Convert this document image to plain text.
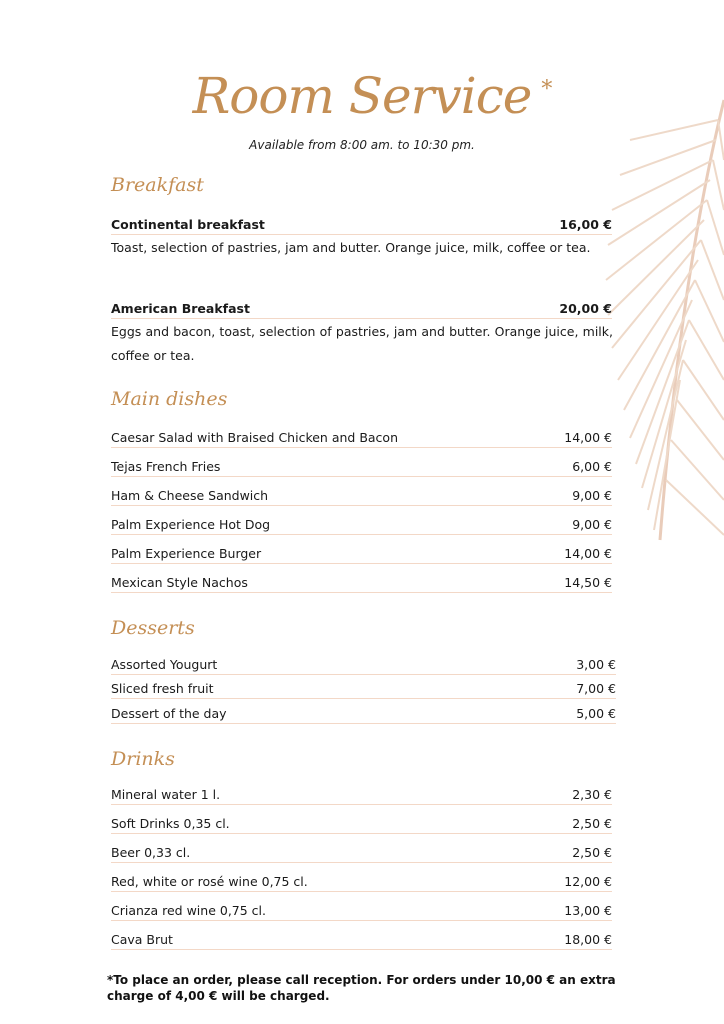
Room Service *
Available from 8:00 am. to 10:30 pm.
Breakfast
Continental breakfast	16,00 €
Toast, selection of pastries, jam and butter. Orange juice, milk, coffee or tea.
American Breakfast	20,00 €
Eggs and bacon, toast, selection of pastries, jam and butter. Orange juice, milk, coffee or tea.
Main dishes
Caesar Salad with Braised Chicken and Bacon	14,00 €
Tejas French Fries	6,00 €
Ham & Cheese Sandwich	9,00 €
Palm Experience Hot Dog	9,00 €
Palm Experience Burger	14,00 €
Mexican Style Nachos	14,50 €
Desserts
Assorted Yougurt	3,00 €
Sliced fresh fruit	7,00 €
Dessert of the day	5,00 €
Drinks
Mineral water 1 l.	2,30 €
Soft Drinks 0,35 cl.	2,50 €
Beer 0,33 cl.	2,50 €
Red, white or rosé wine 0,75 cl.	12,00 €
Crianza red wine 0,75 cl.	13,00 €
Cava Brut	18,00 €
*To place an order, please call reception. For orders under 10,00 € an extra charge of 4,00 € will be charged.
